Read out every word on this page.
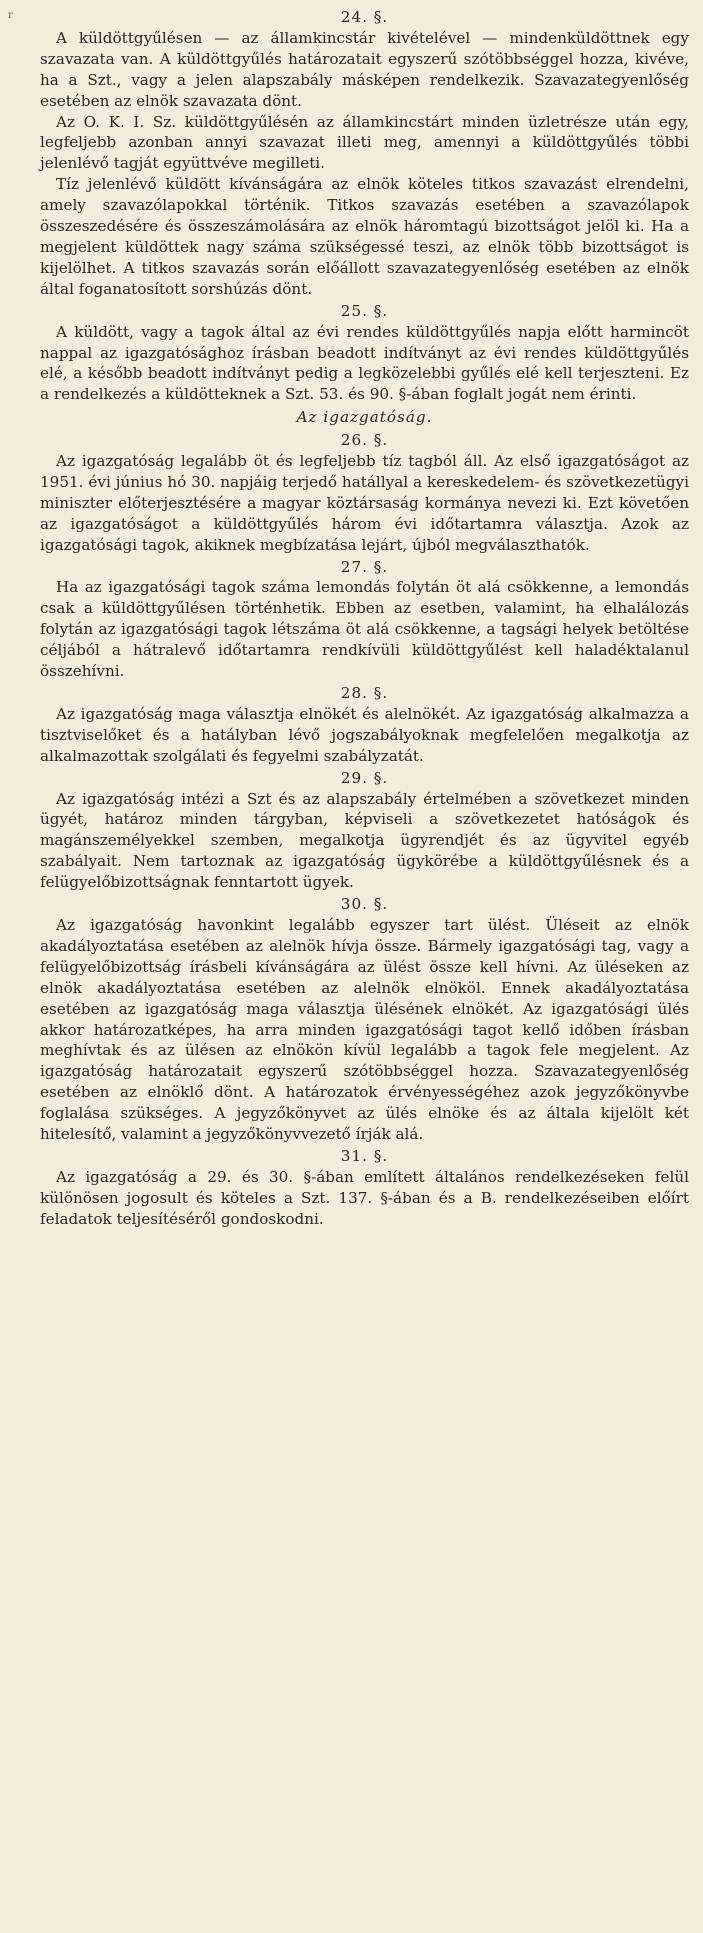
r	24. §.

A küldöttgyűlésen — az államkincstár kivételével — mindenküldöttnek egy szavazata van. A küldöttgyűlés határozatait egyszerű szótöbbséggel hozza, kivéve, ha a Szt., vagy a jelen alapszabály másképen rendelkezik. Szavazategyenlőség esetében az elnök szavazata dönt.

Az O. K. I. Sz. küldöttgyűlésén az államkincstárt minden üzletrésze után egy, legfeljebb azonban annyi szavazat illeti meg, amennyi a küldöttgyűlés többi jelenlévő tagját együttvéve megilleti.

Tíz jelenlévő küldött kívánságára az elnök köteles titkos szavazást elrendelni, amely szavazólapokkal történik. Titkos szavazás esetében a szavazólapok összeszedésére és összeszámolására az elnök háromtagú bizottságot jelöl ki. Ha a megjelent küldöttek nagy száma szükségessé teszi, az elnök több bizottságot is kijelölhet. A titkos szavazás során előállott szavazategyenlőség esetében az elnök által foganatosított sorshúzás dönt.

25. §.

A küldött, vagy a tagok által az évi rendes küldöttgyűlés napja előtt harmincöt nappal az igazgatósághoz írásban beadott indítványt az évi rendes küldöttgyűlés elé, a később beadott indítványt pedig a legközelebbi gyűlés elé kell terjeszteni. Ez a rendelkezés a küldötteknek a Szt. 53. és 90. §-ában foglalt jogát nem érinti.

Az igazgatóság.
26. §.

Az igazgatóság legalább öt és legfeljebb tíz tagból áll. Az első igazgatóságot az 1951. évi június hó 30. napjáig terjedő hatállyal a kereskedelem- és szövetkezetügyi miniszter előterjesztésére a magyar köztársaság kormánya nevezi ki. Ezt követően az igazgatóságot a küldöttgyűlés három évi időtartamra választja. Azok az igazgatósági tagok, akiknek megbízatása lejárt, újból megválaszthatók.

27. §.

Ha az igazgatósági tagok száma lemondás folytán öt alá csökkenne, a lemondás csak a küldöttgyűlésen történhetik. Ebben az esetben, valamint, ha elhalálozás folytán az igazgatósági tagok létszáma öt alá csökkenne, a tagsági helyek betöltése céljából a hátralevő időtartamra rendkívüli küldöttgyűlést kell haladéktalanul összehívni.

28. §.

Az igazgatóság maga választja elnökét és alelnökét. Az igazgatóság alkalmazza a tisztviselőket és a hatályban lévő jogszabályoknak megfelelően megalkotja az alkalmazottak szolgálati és fegyelmi szabályzatát.

29. §.

Az igazgatóság intézi a Szt és az alapszabály értelmében a szövetkezet minden ügyét, határoz minden tárgyban, képviseli a szövetkezetet hatóságok és magánszemélyekkel szemben, megalkotja ügyrendjét és az ügyvitel egyéb szabályait. Nem tartoznak az igazgatóság ügykörébe a küldöttgyűlésnek és a felügyelőbizottságnak fenntartott ügyek.

30. §.

Az igazgatóság havonkint legalább egyszer tart ülést. Üléseit az elnök akadályoztatása esetében az alelnök hívja össze. Bármely igazgatósági tag, vagy a felügyelőbizottság írásbeli kívánságára az ülést össze kell hívni. Az üléseken az elnök akadályoztatása esetében az alelnök elnököl. Ennek akadályoztatása esetében az igazgatóság maga választja ülésének elnökét. Az igazgatósági ülés akkor határozatképes, ha arra minden igazgatósági tagot kellő időben írásban meghívtak és az ülésen az elnökön kívül legalább a tagok fele megjelent. Az igazgatóság határozatait egyszerű szótöbbséggel hozza. Szavazategyenlőség esetében az elnöklő dönt. A határozatok érvényességéhez azok jegyzőkönyvbe foglalása szükséges. A jegyzőkönyvet az ülés elnöke és az általa kijelölt két hitelesítő, valamint a jegyzőkönyvvezető írják alá.

31. §.

Az igazgatóság a 29. és 30. §-ában említett általános rendelkezéseken felül különösen jogosult és köteles a Szt. 137. §-ában és a B. rendelkezéseiben előírt feladatok teljesítéséről gondoskodni.
